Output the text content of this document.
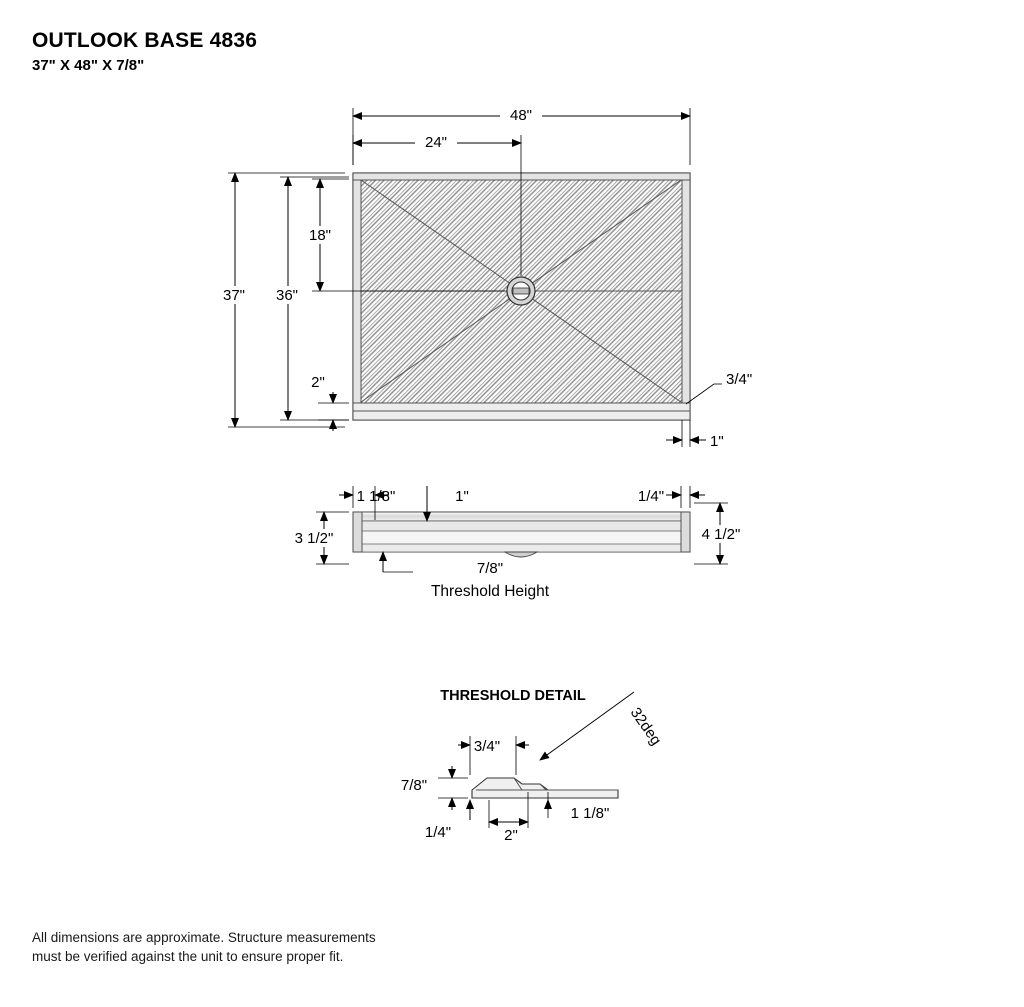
OUTLOOK BASE 4836
37" X 48" X 7/8"
48"
24"
37" 36"
18"
2"	3/4"
1"
1 1/8"	1"	1/4"
3 1/2"	4 1/2"
7/8"
Threshold Height
THRESHOLD DETAIL
32deg
3/4"
7/8"
1/4"	2"
1 1/8"
All dimensions are approximate. Structure measurements
must be verified against the unit to ensure proper fit.
